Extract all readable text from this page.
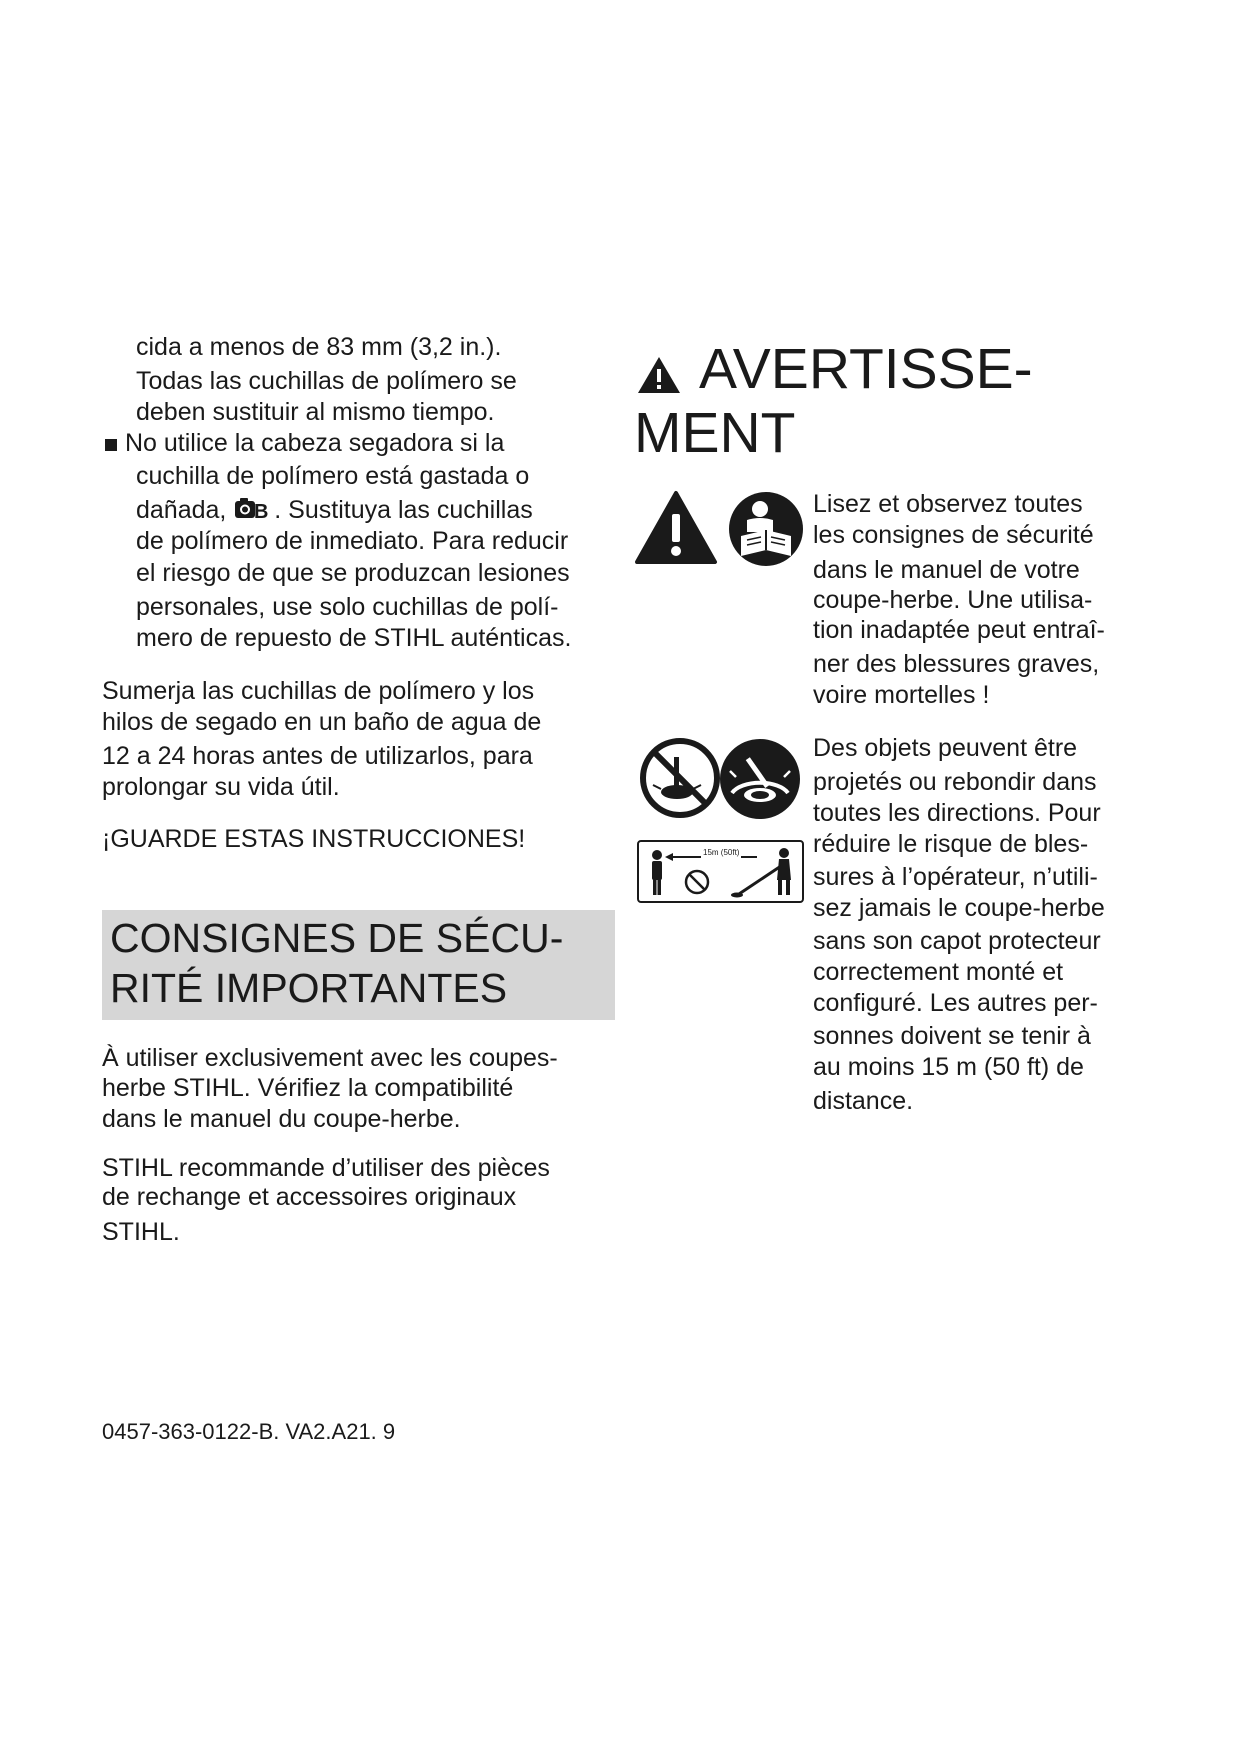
cida a menos de 83 mm (3,2 in.).
Todas las cuchillas de polímero se
deben sustituir al mismo tiempo.
No utilice la cabeza segadora si la
cuchilla de polímero está gastada o
dañada, B . Sustituya las cuchillas
de polímero de inmediato. Para reducir
el riesgo de que se produzcan lesiones
personales, use solo cuchillas de polí-
mero de repuesto de STIHL auténticas.
Sumerja las cuchillas de polímero y los
hilos de segado en un baño de agua de
12 a 24 horas antes de utilizarlos, para
prolongar su vida útil.
¡GUARDE ESTAS INSTRUCCIONES!
CONSIGNES DE SÉCU-
RITÉ IMPORTANTES
À utiliser exclusivement avec les coupes-
herbe STIHL. Vérifiez la compatibilité
dans le manuel du coupe-herbe.
STIHL recommande d’utiliser des pièces
de rechange et accessoires originaux
STIHL.
AVERTISSE-
MENT
Lisez et observez toutes
les consignes de sécurité
dans le manuel de votre
coupe-herbe. Une utilisa-
tion inadaptée peut entraî-
ner des blessures graves,
voire mortelles !
15m (50ft)
Des objets peuvent être
projetés ou rebondir dans
toutes les directions. Pour
réduire le risque de bles-
sures à l’opérateur, n’utili-
sez jamais le coupe-herbe
sans son capot protecteur
correctement monté et
configuré. Les autres per-
sonnes doivent se tenir à
au moins 15 m (50 ft) de
distance.
0457-363-0122-B. VA2.A21. 9
